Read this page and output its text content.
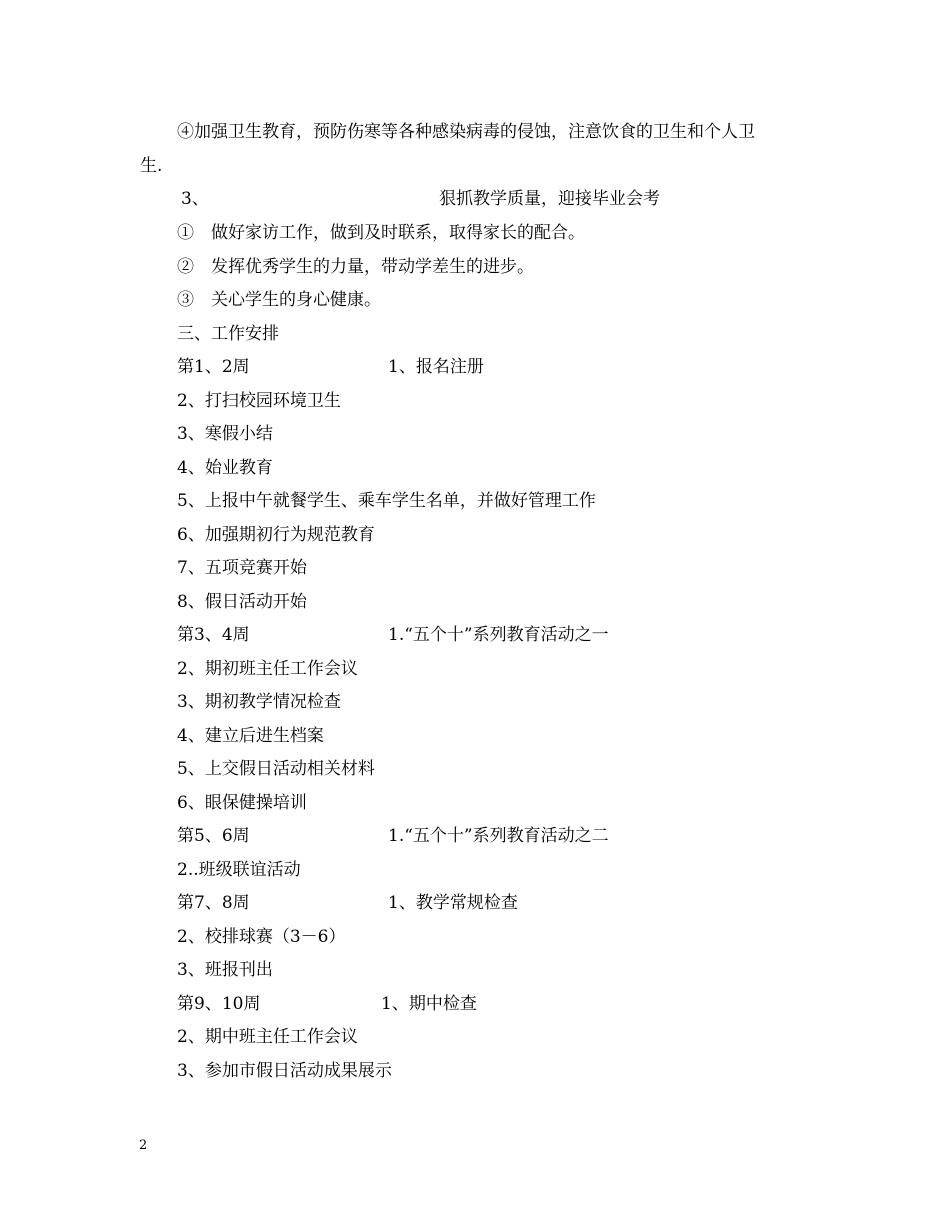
④加强卫生教育，预防伤寒等各种感染病毒的侵蚀，注意饮食的卫生和个人卫
生.
3、	狠抓教学质量，迎接毕业会考
①　做好家访工作，做到及时联系，取得家长的配合。
②　发挥优秀学生的力量，带动学差生的进步。
③　关心学生的身心健康。
三、工作安排
第1、2周	1、报名注册
2、打扫校园环境卫生
3、寒假小结
4、始业教育
5、上报中午就餐学生、乘车学生名单，并做好管理工作
6、加强期初行为规范教育
7、五项竞赛开始
8、假日活动开始
第3、4周	1.“五个十”系列教育活动之一
2、期初班主任工作会议
3、期初教学情况检查
4、建立后进生档案
5、上交假日活动相关材料
6、眼保健操培训
第5、6周	1.“五个十”系列教育活动之二
2..班级联谊活动
第7、8周	1、教学常规检查
2、校排球赛（3－6）
3、班报刊出
第9、10周	1、期中检查
2、期中班主任工作会议
3、参加市假日活动成果展示
2
